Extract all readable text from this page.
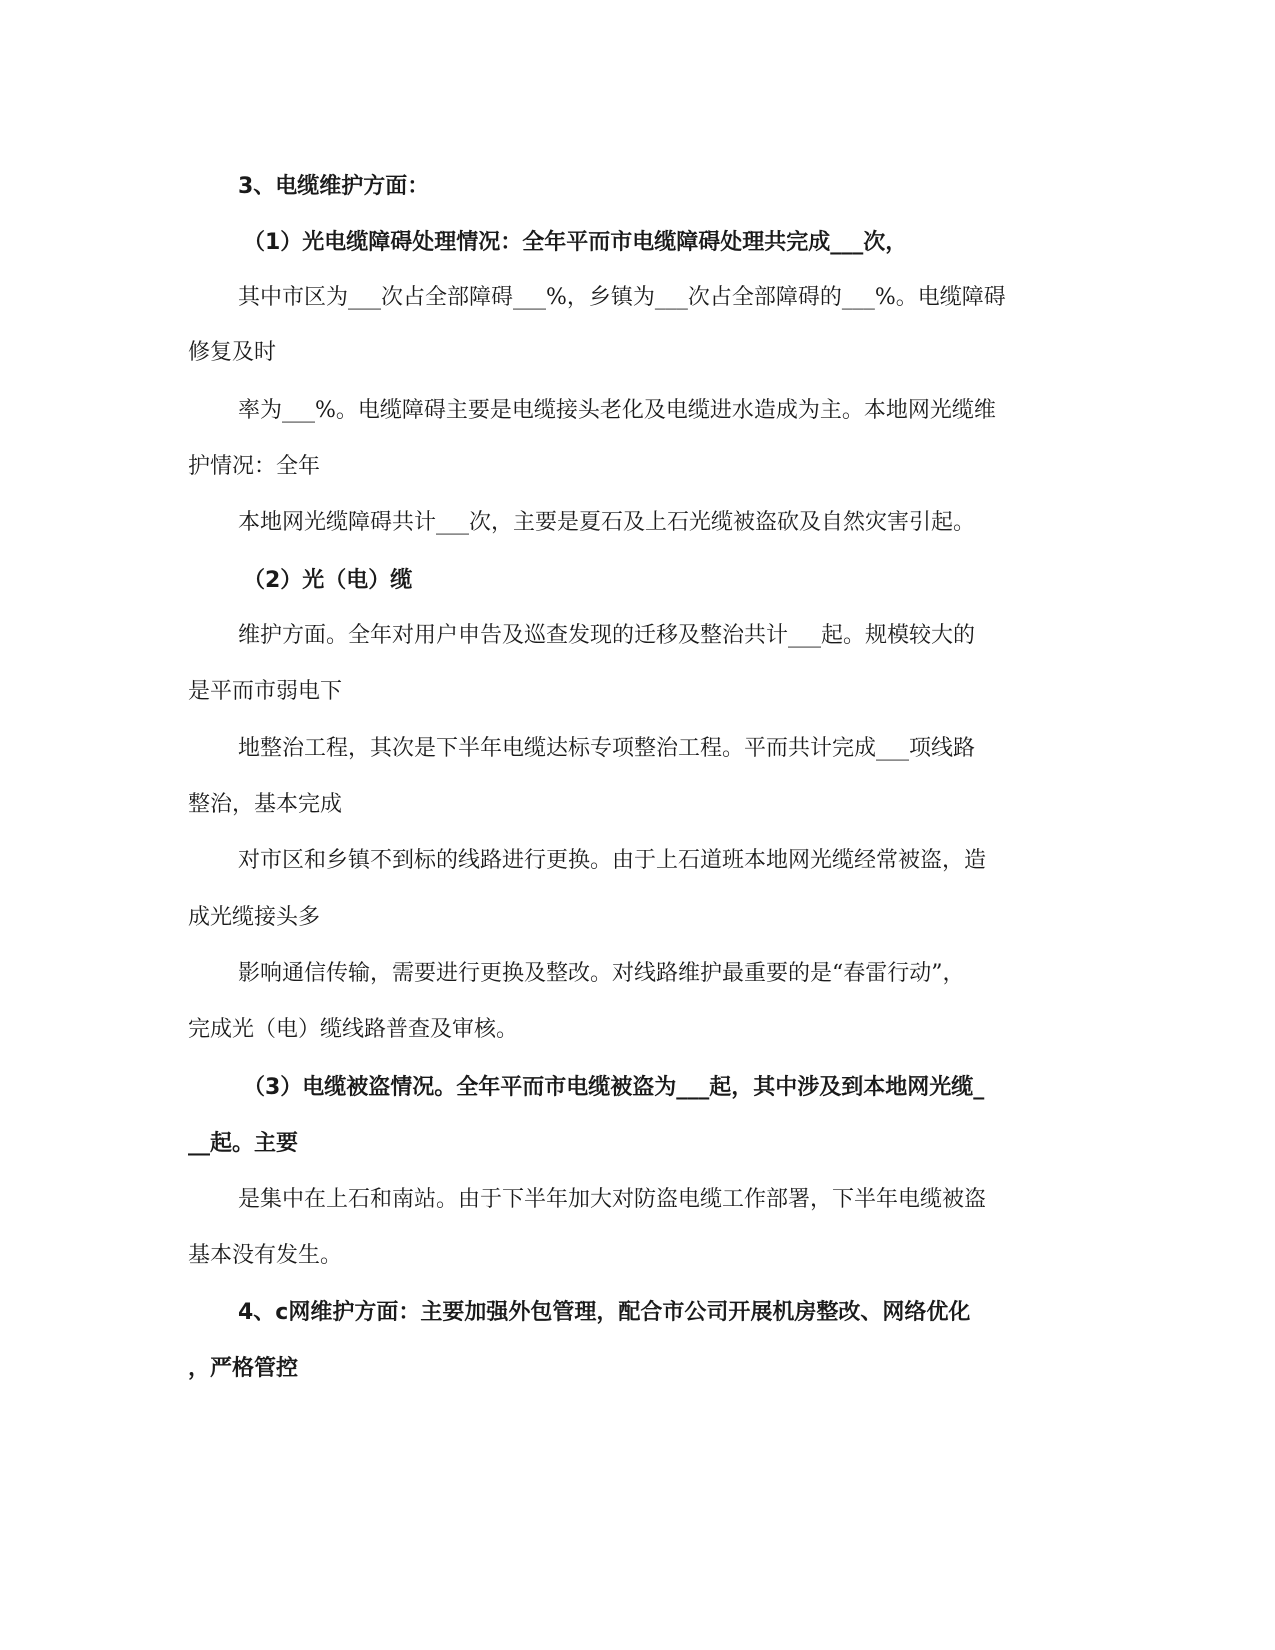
3、电缆维护方面：
（1）光电缆障碍处理情况：全年平而市电缆障碍处理共完成___次，
其中市区为___次占全部障碍___%，乡镇为___次占全部障碍的___%。电缆障碍
修复及时
率为___%。电缆障碍主要是电缆接头老化及电缆进水造成为主。本地网光缆维
护情况：全年
本地网光缆障碍共计___次，主要是夏石及上石光缆被盗砍及自然灾害引起。
（2）光（电）缆
维护方面。全年对用户申告及巡查发现的迁移及整治共计___起。规模较大的
是平而市弱电下
地整治工程，其次是下半年电缆达标专项整治工程。平而共计完成___项线路
整治，基本完成
对市区和乡镇不到标的线路进行更换。由于上石道班本地网光缆经常被盗，造
成光缆接头多
影响通信传输，需要进行更换及整改。对线路维护最重要的是“春雷行动”，
完成光（电）缆线路普查及审核。
（3）电缆被盗情况。全年平而市电缆被盗为___起，其中涉及到本地网光缆_
__起。主要
是集中在上石和南站。由于下半年加大对防盗电缆工作部署，下半年电缆被盗
基本没有发生。
4、c网维护方面：主要加强外包管理，配合市公司开展机房整改、网络优化
，严格管控
